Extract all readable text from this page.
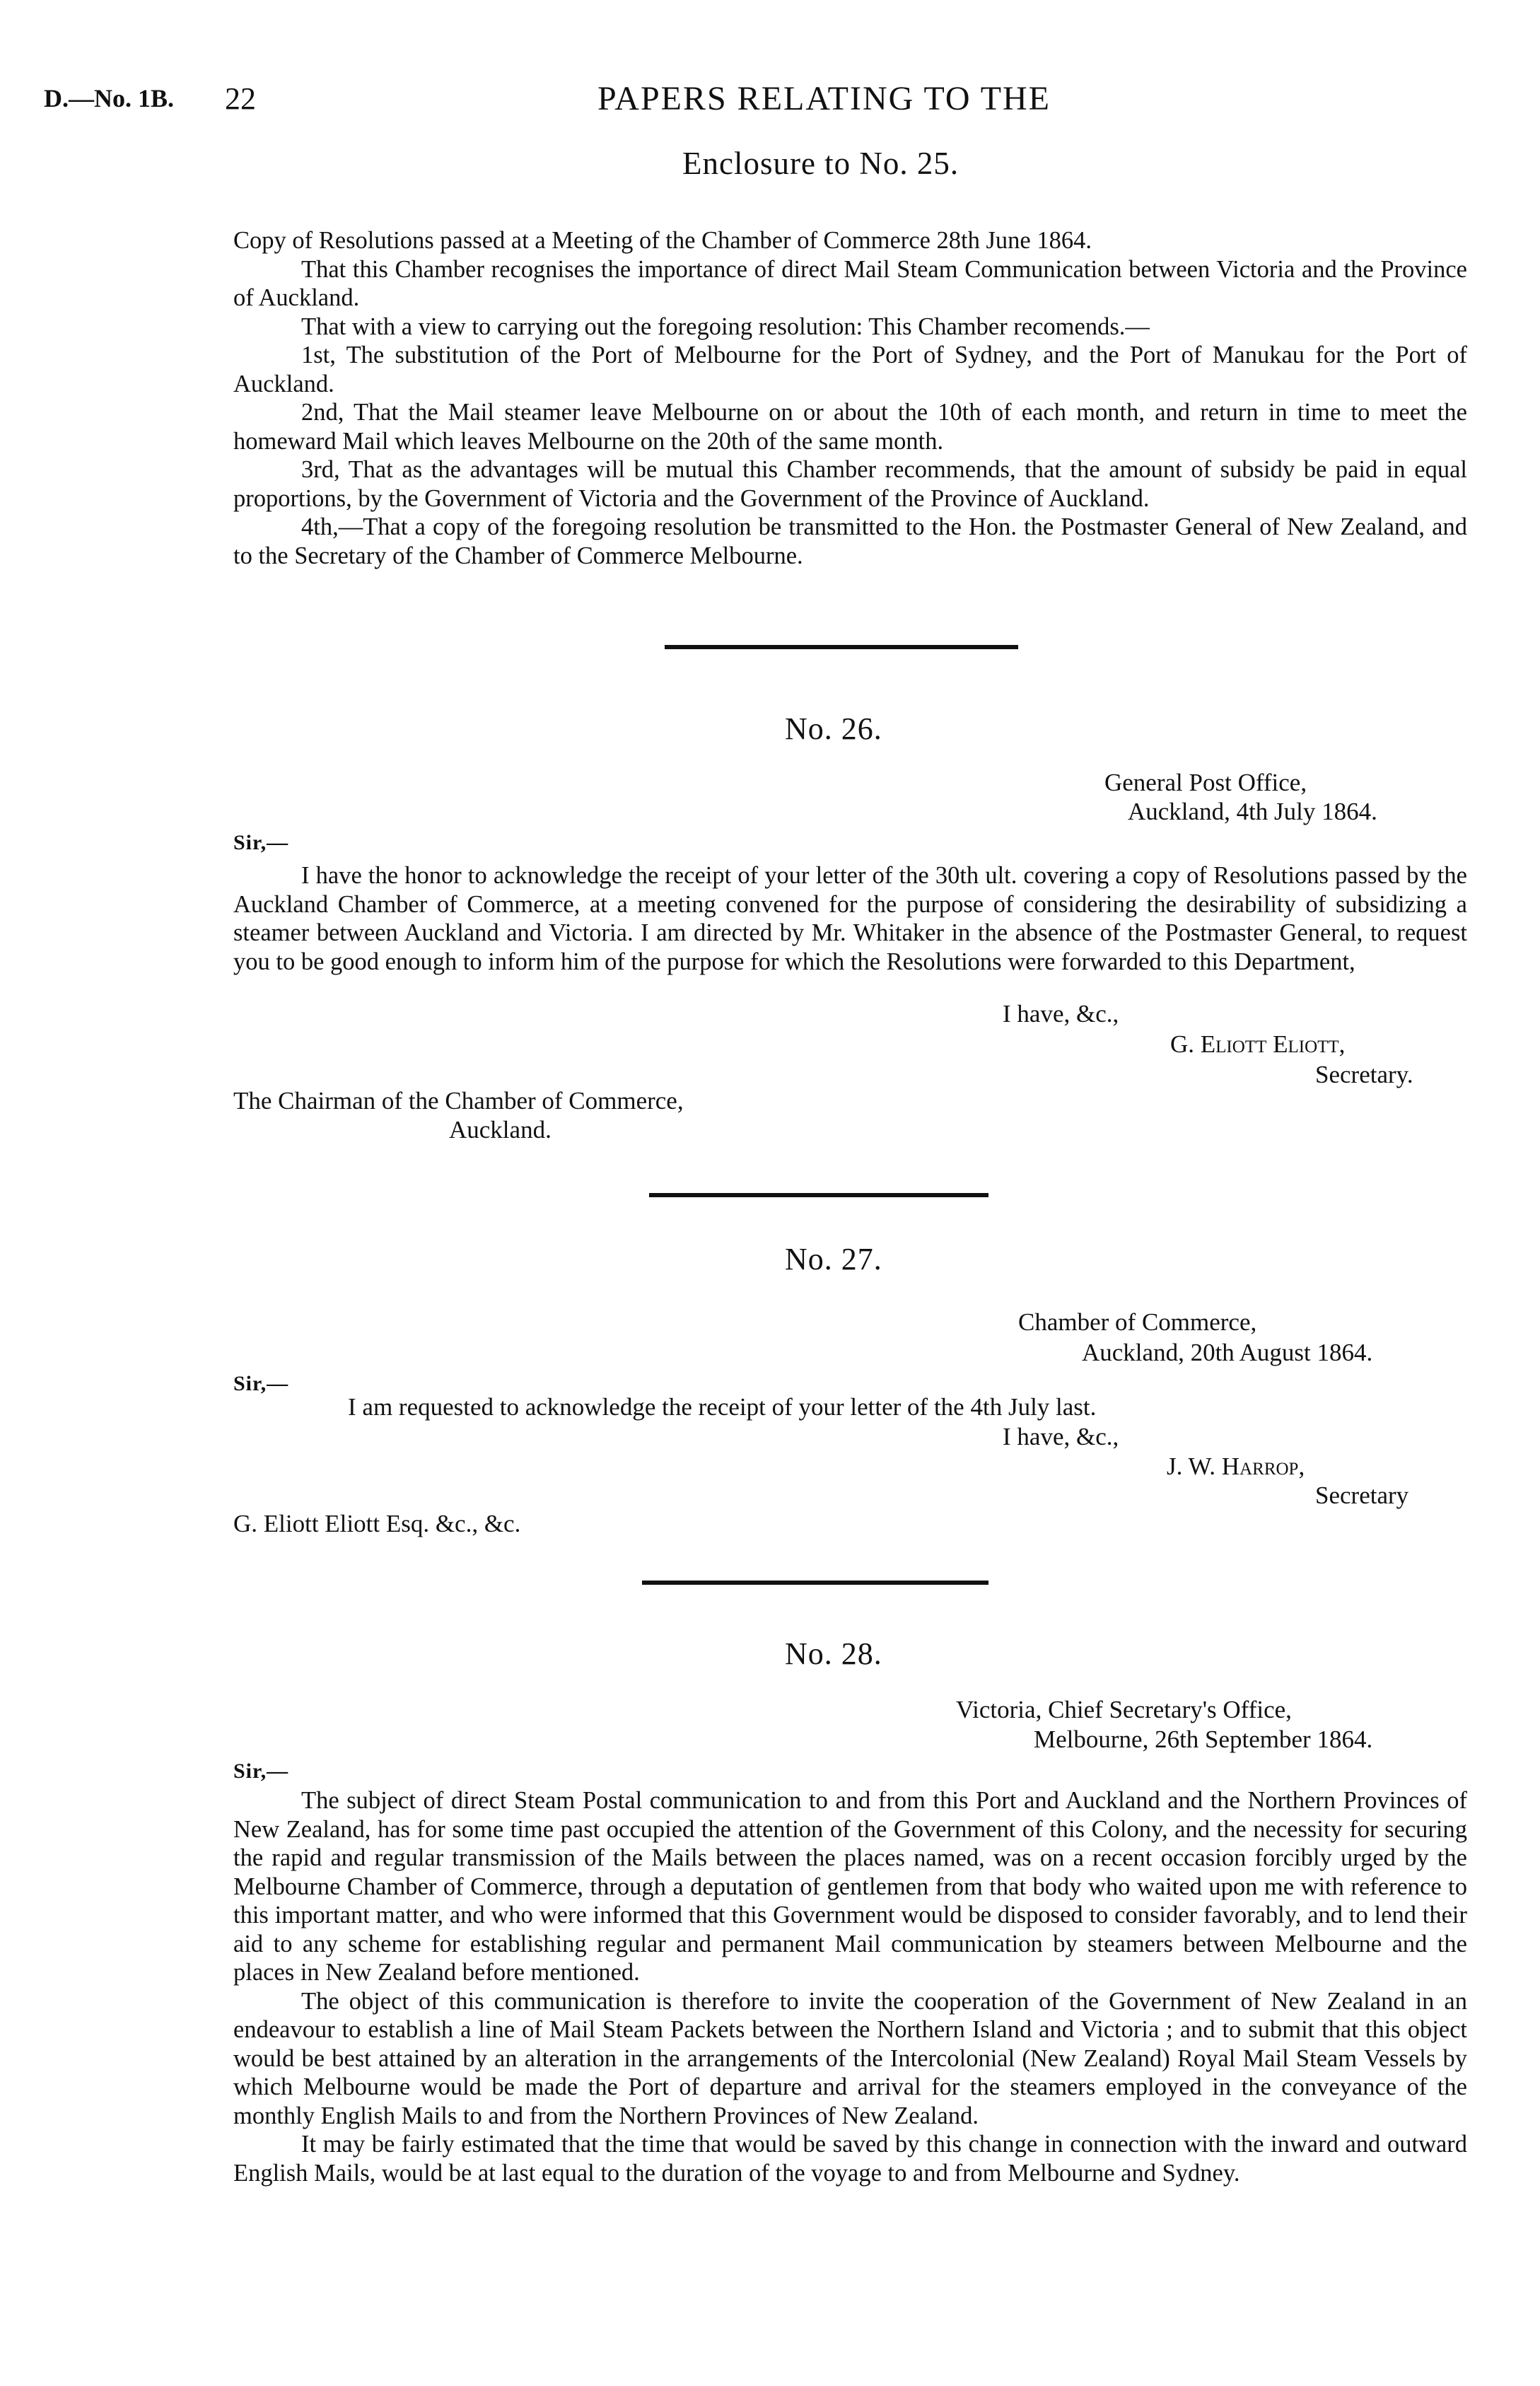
D.—No. 1B. 22	PAPERS RELATING TO THE
Enclosure to No. 25.

Copy of Resolutions passed at a Meeting of the Chamber of Commerce 28th June 1864.

That this Chamber recognises the importance of direct Mail Steam Communication between Victoria and the Province of Auckland.

That with a view to carrying out the foregoing resolution: This Chamber recomends.—

1st, The substitution of the Port of Melbourne for the Port of Sydney, and the Port of Manukau for the Port of Auckland.

2nd, That the Mail steamer leave Melbourne on or about the 10th of each month, and return in time to meet the homeward Mail which leaves Melbourne on the 20th of the same month.

3rd, That as the advantages will be mutual this Chamber recommends, that the amount of subsidy be paid in equal proportions, by the Government of Victoria and the Government of the Province of Auckland.

4th,—That a copy of the foregoing resolution be transmitted to the Hon. the Postmaster General of New Zealand, and to the Secretary of the Chamber of Commerce Melbourne.

No. 26.
General Post Office,
Auckland, 4th July 1864.
Sir,—

I have the honor to acknowledge the receipt of your letter of the 30th ult. covering a copy of Resolutions passed by the Auckland Chamber of Commerce, at a meeting convened for the purpose of considering the desirability of subsidizing a steamer between Auckland and Victoria. I am directed by Mr. Whitaker in the absence of the Postmaster General, to request you to be good enough to inform him of the purpose for which the Resolutions were forwarded to this Department,

I have, &c.,
G. Eliott Eliott,
Secretary.
The Chairman of the Chamber of Commerce,
Auckland.
No. 27.
Chamber of Commerce,
Auckland, 20th August 1864.
Sir,—
I am requested to acknowledge the receipt of your letter of the 4th July last.
I have, &c.,
J. W. Harrop,
Secretary
G. Eliott Eliott Esq. &c., &c.
No. 28.
Victoria, Chief Secretary's Office,
Melbourne, 26th September 1864.
Sir,—

The subject of direct Steam Postal communication to and from this Port and Auckland and the Northern Provinces of New Zealand, has for some time past occupied the attention of the Government of this Colony, and the necessity for securing the rapid and regular transmission of the Mails between the places named, was on a recent occasion forcibly urged by the Melbourne Chamber of Commerce, through a deputation of gentlemen from that body who waited upon me with reference to this important matter, and who were informed that this Government would be disposed to consider favorably, and to lend their aid to any scheme for establishing regular and permanent Mail communication by steamers between Melbourne and the places in New Zealand before mentioned.

The object of this communication is therefore to invite the cooperation of the Government of New Zealand in an endeavour to establish a line of Mail Steam Packets between the Northern Island and Victoria ; and to submit that this object would be best attained by an alteration in the arrangements of the Intercolonial (New Zealand) Royal Mail Steam Vessels by which Melbourne would be made the Port of departure and arrival for the steamers employed in the conveyance of the monthly English Mails to and from the Northern Provinces of New Zealand.

It may be fairly estimated that the time that would be saved by this change in connection with the inward and outward English Mails, would be at last equal to the duration of the voyage to and from Melbourne and Sydney.
